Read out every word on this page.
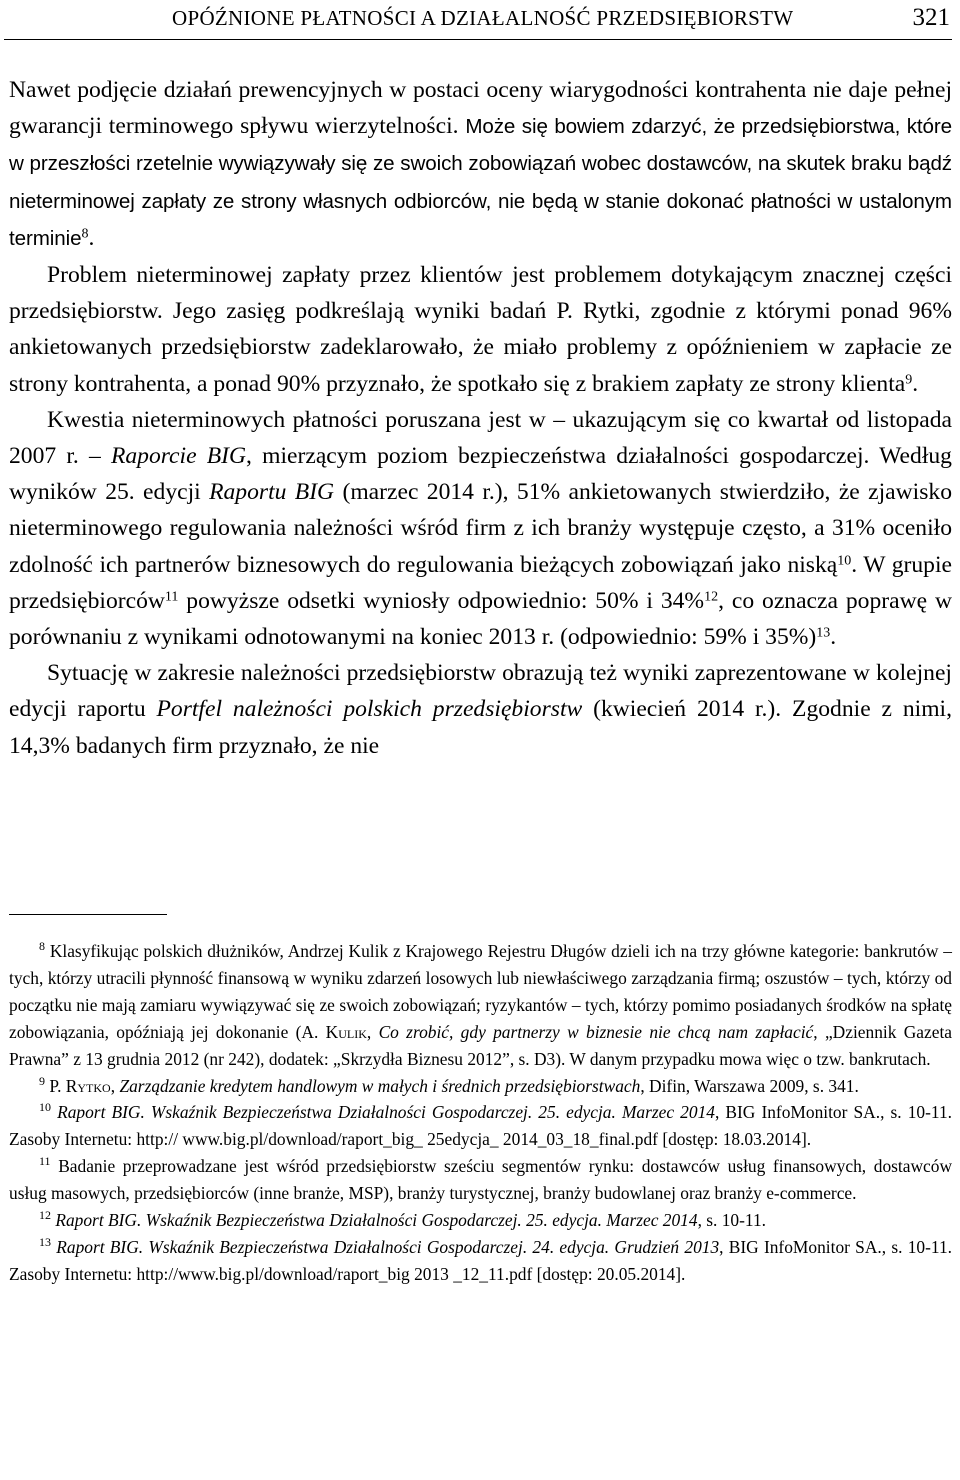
OPÓŹNIONE PŁATNOŚCI A DZIAŁALNOŚĆ PRZEDSIĘBIORSTW	321

Nawet podjęcie działań prewencyjnych w postaci oceny wiarygodności kontrahenta nie daje pełnej gwarancji terminowego spływu wierzytelności. Może się bowiem zdarzyć, że przedsiębiorstwa, które w przeszłości rzetelnie wywiązywały się ze swoich zobowiązań wobec dostawców, na skutek braku bądź nieterminowej zapłaty ze strony własnych odbiorców, nie będą w stanie dokonać płatności w ustalonym terminie$^8$.

Problem nieterminowej zapłaty przez klientów jest problemem dotykającym znacznej części przedsiębiorstw. Jego zasięg podkreślają wyniki badań P. Rytki, zgodnie z którymi ponad 96% ankietowanych przedsiębiorstw zadeklarowało, że miało problemy z opóźnieniem w zapłacie ze strony kontrahenta, a ponad 90% przyznało, że spotkało się z brakiem zapłaty ze strony klienta$^9$.

Kwestia nieterminowych płatności poruszana jest w – ukazującym się co kwartał od listopada 2007 r. – Raporcie BIG, mierzącym poziom bezpieczeństwa działalności gospodarczej. Według wyników 25. edycji Raportu BIG (marzec 2014 r.), 51% ankietowanych stwierdziło, że zjawisko nieterminowego regulowania należności wśród firm z ich branży występuje często, a 31% oceniło zdolność ich partnerów biznesowych do regulowania bieżących zobowiązań jako niską$^{10}$. W grupie przedsiębiorców$^{11}$ powyższe odsetki wyniosły odpowiednio: 50% i 34%$^{12}$, co oznacza poprawę w porównaniu z wynikami odnotowanymi na koniec 2013 r. (odpowiednio: 59% i 35%)$^{13}$.

Sytuację w zakresie należności przedsiębiorstw obrazują też wyniki zaprezentowane w kolejnej edycji raportu Portfel należności polskich przedsiębiorstw (kwiecień 2014 r.). Zgodnie z nimi, 14,3% badanych firm przyznało, że nie

$^8$ Klasyfikując polskich dłużników, Andrzej Kulik z Krajowego Rejestru Długów dzieli ich na trzy główne kategorie: bankrutów – tych, którzy utracili płynność finansową w wyniku zdarzeń losowych lub niewłaściwego zarządzania firmą; oszustów – tych, którzy od początku nie mają zamiaru wywiązywać się ze swoich zobowiązań; ryzykantów – tych, którzy pomimo posiadanych środków na spłatę zobowiązania, opóźniają jej dokonanie (A. Kulik, Co zrobić, gdy partnerzy w biznesie nie chcą nam zapłacić, „Dziennik Gazeta Prawna” z 13 grudnia 2012 (nr 242), dodatek: „Skrzydła Biznesu 2012”, s. D3). W danym przypadku mowa więc o tzw. bankrutach.

$^9$ P. Rytko, Zarządzanie kredytem handlowym w małych i średnich przedsiębiorstwach, Difin, Warszawa 2009, s. 341.

$^{10}$ Raport BIG. Wskaźnik Bezpieczeństwa Działalności Gospodarczej. 25. edycja. Marzec 2014, BIG InfoMonitor SA., s. 10-11. Zasoby Internetu: http:// www.big.pl/download/raport_big_ 25edycja_ 2014_03_18_final.pdf [dostęp: 18.03.2014].

$^{11}$ Badanie przeprowadzane jest wśród przedsiębiorstw sześciu segmentów rynku: dostawców usług finansowych, dostawców usług masowych, przedsiębiorców (inne branże, MSP), branży turystycznej, branży budowlanej oraz branży e-commerce.

$^{12}$ Raport BIG. Wskaźnik Bezpieczeństwa Działalności Gospodarczej. 25. edycja. Marzec 2014, s. 10-11.

$^{13}$ Raport BIG. Wskaźnik Bezpieczeństwa Działalności Gospodarczej. 24. edycja. Grudzień 2013, BIG InfoMonitor SA., s. 10-11. Zasoby Internetu: http://www.big.pl/download/raport_big 2013 _12_11.pdf [dostęp: 20.05.2014].
